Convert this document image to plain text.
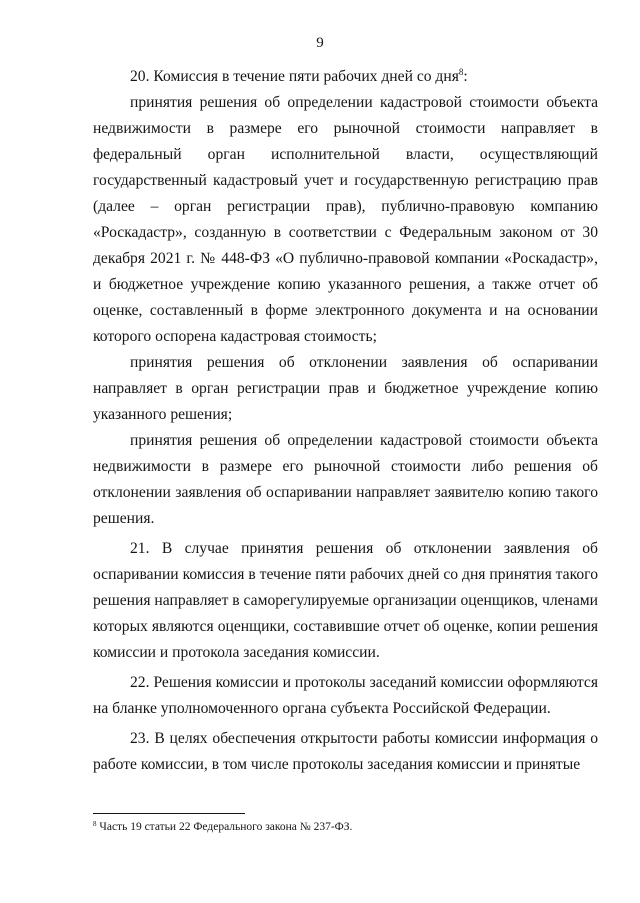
9

20. Комиссия в течение пяти рабочих дней со дня$^8$:

принятия решения об определении кадастровой стоимости объекта недвижимости в размере его рыночной стоимости направляет в федеральный орган исполнительной власти, осуществляющий государственный кадастровый учет и государственную регистрацию прав (далее – орган регистрации прав), публично-правовую компанию «Роскадастр», созданную в соответствии с Федеральным законом от 30 декабря 2021 г. № 448-ФЗ «О публично-правовой компании «Роскадастр», и бюджетное учреждение копию указанного решения, а также отчет об оценке, составленный в форме электронного документа и на основании которого оспорена кадастровая стоимость;

принятия решения об отклонении заявления об оспаривании направляет в орган регистрации прав и бюджетное учреждение копию указанного решения;

принятия решения об определении кадастровой стоимости объекта недвижимости в размере его рыночной стоимости либо решения об отклонении заявления об оспаривании направляет заявителю копию такого решения.

21. В случае принятия решения об отклонении заявления об оспаривании комиссия в течение пяти рабочих дней со дня принятия такого решения направляет в саморегулируемые организации оценщиков, членами которых являются оценщики, составившие отчет об оценке, копии решения комиссии и протокола заседания комиссии.

22. Решения комиссии и протоколы заседаний комиссии оформляются на бланке уполномоченного органа субъекта Российской Федерации.

23. В целях обеспечения открытости работы комиссии информация о работе комиссии, в том числе протоколы заседания комиссии и принятые

$^8$ Часть 19 статьи 22 Федерального закона № 237-ФЗ.
